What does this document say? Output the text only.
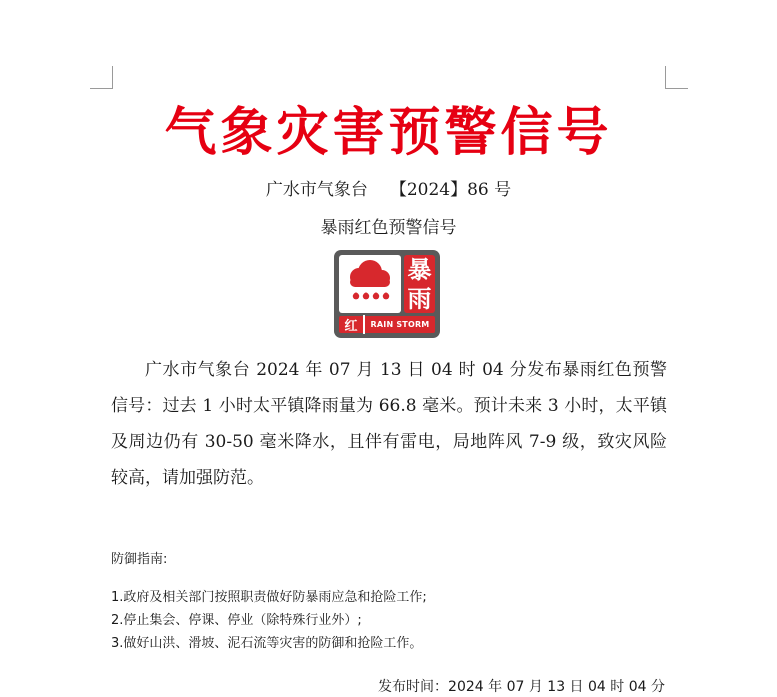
气象灾害预警信号
广水市气象台 【2024】86 号
暴雨红色预警信号
暴
雨
红	RAIN STORM
广水市气象台 2024 年 07 月 13 日 04 时 04 分发布暴雨红色预警信号：过去 1 小时太平镇降雨量为 66.8 毫米。预计未来 3 小时，太平镇及周边仍有 30-50 毫米降水，且伴有雷电，局地阵风 7-9 级，致灾风险较高，请加强防范。
防御指南:
1.政府及相关部门按照职责做好防暴雨应急和抢险工作;
2.停止集会、停课、停业（除特殊行业外）;
3.做好山洪、滑坡、泥石流等灾害的防御和抢险工作。
发布时间：2024 年 07 月 13 日 04 时 04 分
